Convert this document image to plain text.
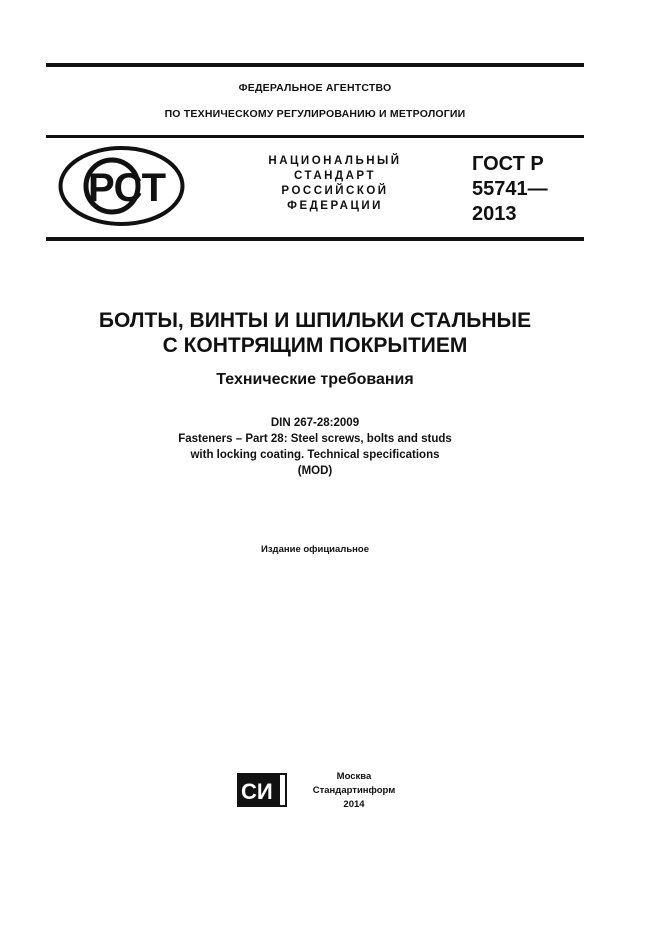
ФЕДЕРАЛЬНОЕ АГЕНТСТВО
ПО ТЕХНИЧЕСКОМУ РЕГУЛИРОВАНИЮ И МЕТРОЛОГИИ
РСТ
НАЦИОНАЛЬНЫЙ
СТАНДАРТ
РОССИЙСКОЙ
ФЕДЕРАЦИИ
ГОСТ Р
55741—
2013
БОЛТЫ, ВИНТЫ И ШПИЛЬКИ СТАЛЬНЫЕ
С КОНТРЯЩИМ ПОКРЫТИЕМ
Технические требования
DIN 267-28:2009
Fasteners – Part 28: Steel screws, bolts and studs
with locking coating. Technical specifications
(MOD)
Издание официальное
СИ
Москва
Стандартинформ
2014
